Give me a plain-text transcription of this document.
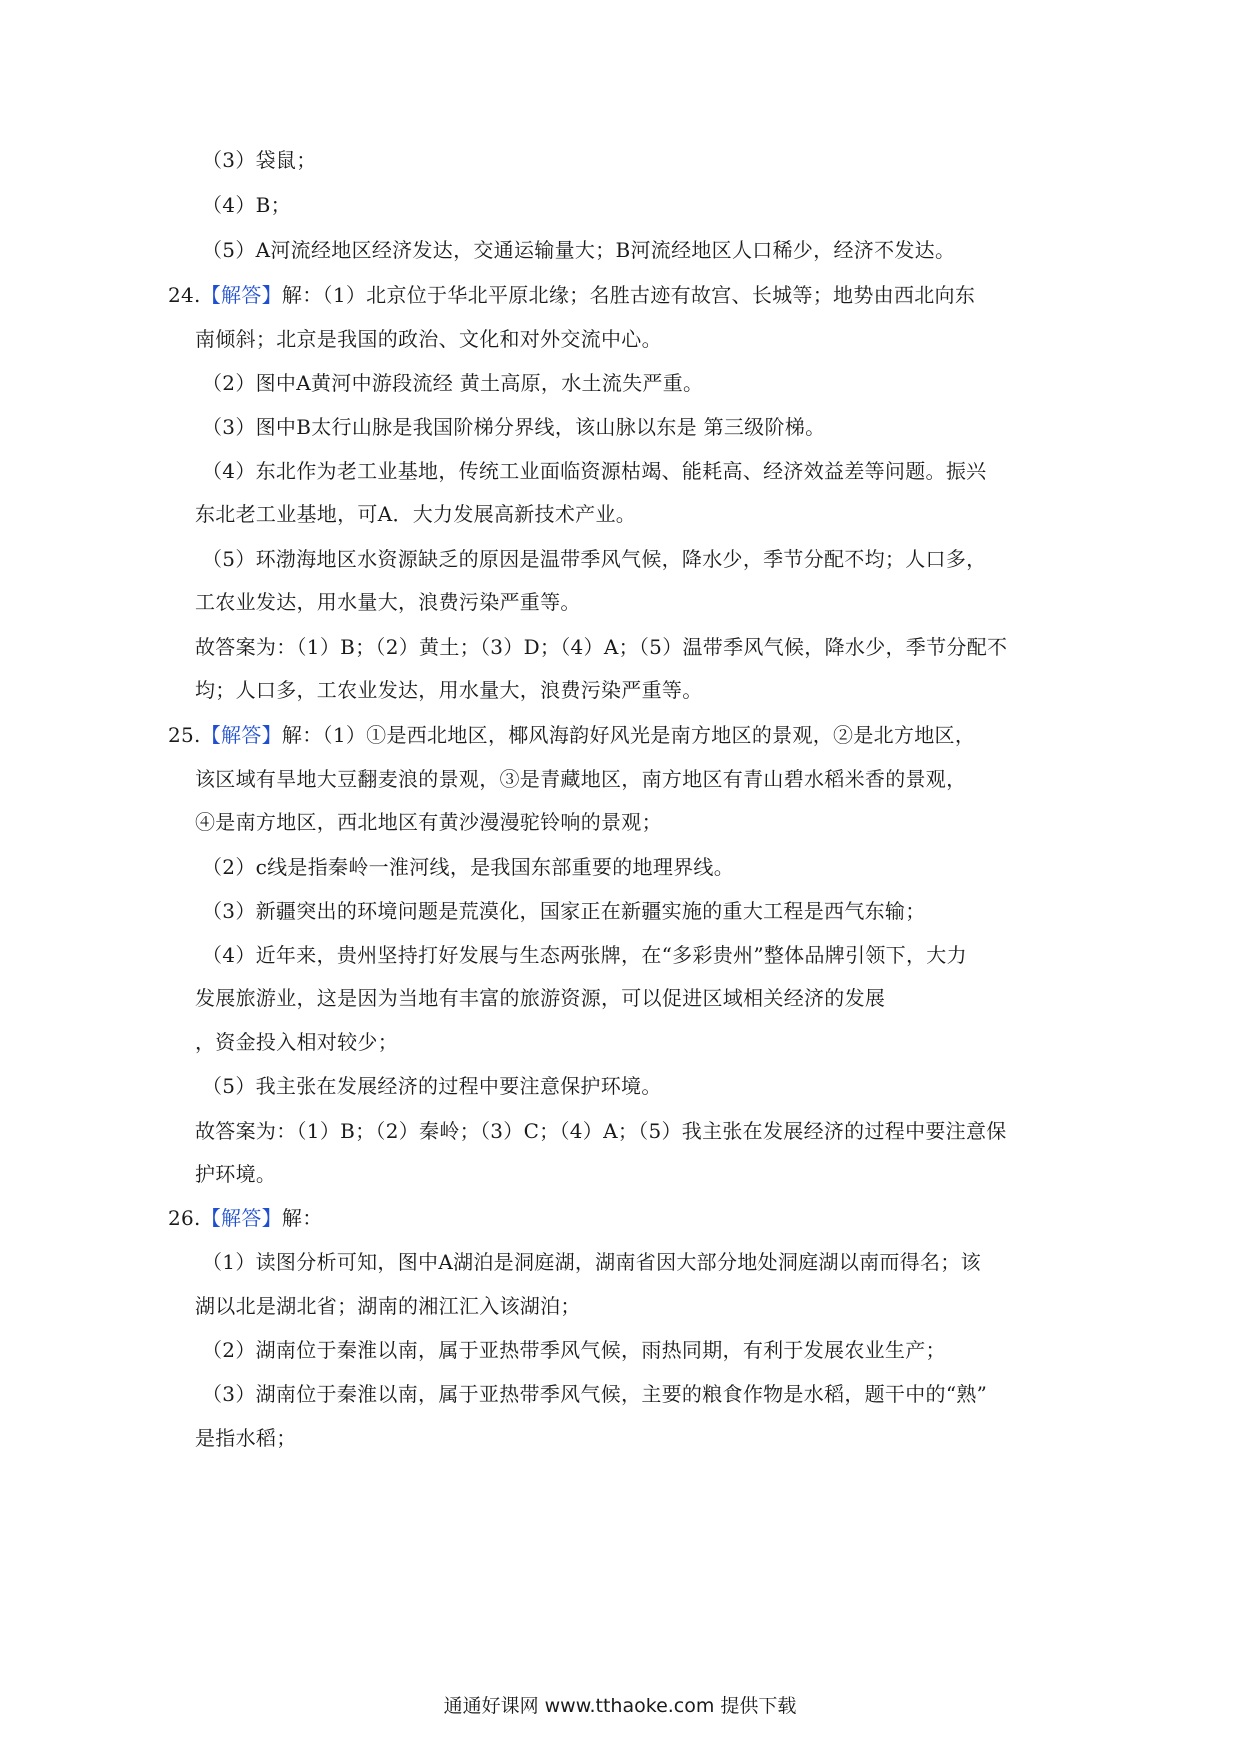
（3）袋鼠；
（4）B；
（5）A河流经地区经济发达，交通运输量大；B河流经地区人口稀少，经济不发达。
24.【解答】解：（1）北京位于华北平原北缘；名胜古迹有故宫、长城等；地势由西北向东
南倾斜；北京是我国的政治、文化和对外交流中心。
（2）图中A黄河中游段流经 黄土高原，水土流失严重。
（3）图中B太行山脉是我国阶梯分界线，该山脉以东是 第三级阶梯。
（4）东北作为老工业基地，传统工业面临资源枯竭、能耗高、经济效益差等问题。振兴
东北老工业基地，可A．大力发展高新技术产业。
（5）环渤海地区水资源缺乏的原因是温带季风气候，降水少，季节分配不均；人口多，
工农业发达，用水量大，浪费污染严重等。
故答案为：（1）B；（2）黄土；（3）D；（4）A；（5）温带季风气候，降水少，季节分配不
均；人口多，工农业发达，用水量大，浪费污染严重等。
25.【解答】解：（1）①是西北地区，椰风海韵好风光是南方地区的景观，②是北方地区，
该区域有旱地大豆翻麦浪的景观，③是青藏地区，南方地区有青山碧水稻米香的景观，
④是南方地区，西北地区有黄沙漫漫驼铃响的景观；
（2）c线是指秦岭一淮河线，是我国东部重要的地理界线。
（3）新疆突出的环境问题是荒漠化，国家正在新疆实施的重大工程是西气东输；
（4）近年来，贵州坚持打好发展与生态两张牌，在“多彩贵州”整体品牌引领下，大力
发展旅游业，这是因为当地有丰富的旅游资源，可以促进区域相关经济的发展
，资金投入相对较少；
（5）我主张在发展经济的过程中要注意保护环境。
故答案为：（1）B；（2）秦岭；（3）C；（4）A；（5）我主张在发展经济的过程中要注意保
护环境。
26.【解答】解：
（1）读图分析可知，图中A湖泊是洞庭湖，湖南省因大部分地处洞庭湖以南而得名；该
湖以北是湖北省；湖南的湘江汇入该湖泊；
（2）湖南位于秦淮以南，属于亚热带季风气候，雨热同期，有利于发展农业生产；
（3）湖南位于秦淮以南，属于亚热带季风气候，主要的粮食作物是水稻，题干中的“熟”
是指水稻；
通通好课网 www.tthaoke.com 提供下载
